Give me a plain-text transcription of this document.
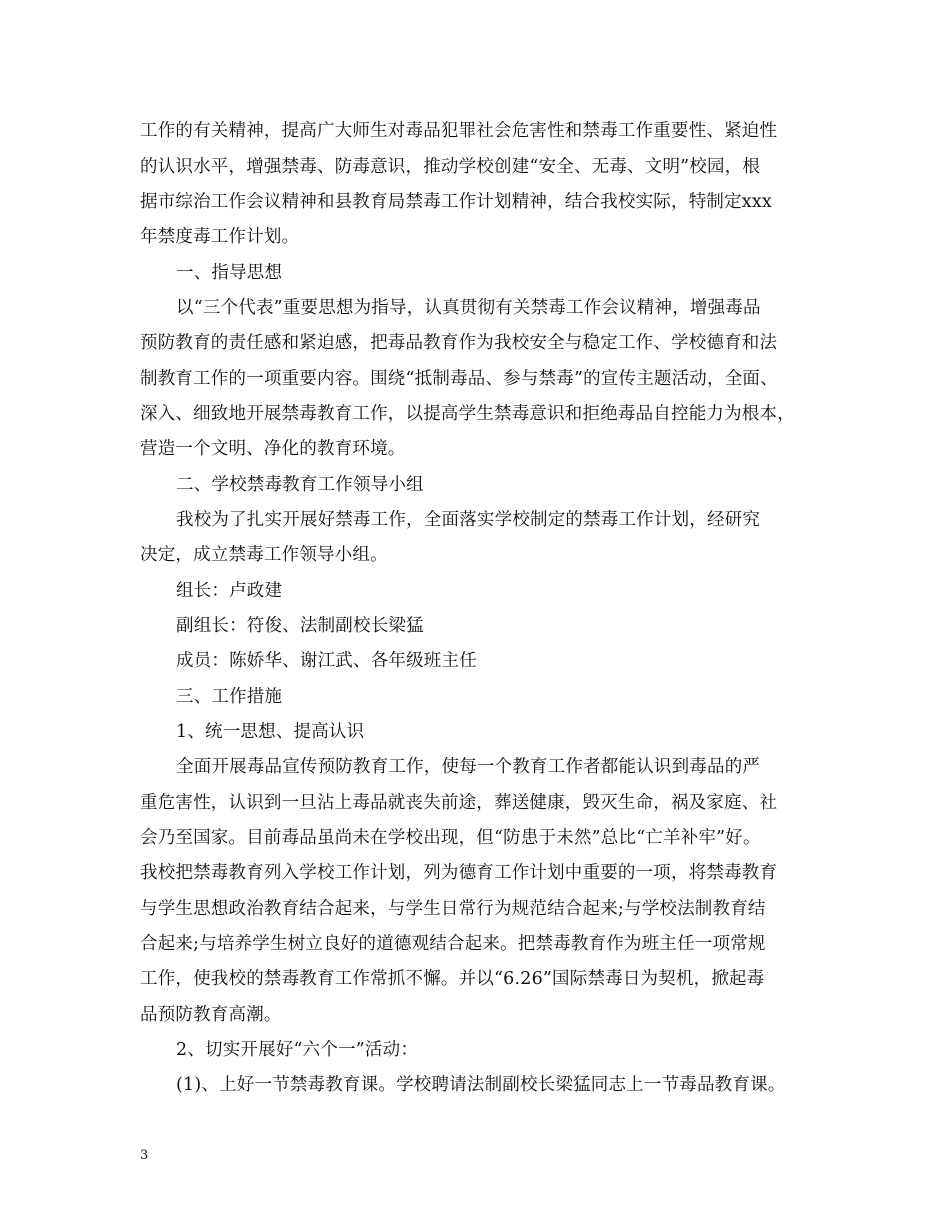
工作的有关精神，提高广大师生对毒品犯罪社会危害性和禁毒工作重要性、紧迫性
的认识水平，增强禁毒、防毒意识，推动学校创建“安全、无毒、文明”校园，根
据市综治工作会议精神和县教育局禁毒工作计划精神，结合我校实际，特制定xxx
年禁度毒工作计划。
一、指导思想
以“三个代表”重要思想为指导，认真贯彻有关禁毒工作会议精神，增强毒品
预防教育的责任感和紧迫感，把毒品教育作为我校安全与稳定工作、学校德育和法
制教育工作的一项重要内容。围绕“抵制毒品、参与禁毒”的宣传主题活动，全面、
深入、细致地开展禁毒教育工作，以提高学生禁毒意识和拒绝毒品自控能力为根本，
营造一个文明、净化的教育环境。
二、学校禁毒教育工作领导小组
我校为了扎实开展好禁毒工作，全面落实学校制定的禁毒工作计划，经研究
决定，成立禁毒工作领导小组。
组长：卢政建
副组长：符俊、法制副校长梁猛
成员：陈娇华、谢江武、各年级班主任
三、工作措施
1、统一思想、提高认识
全面开展毒品宣传预防教育工作，使每一个教育工作者都能认识到毒品的严
重危害性，认识到一旦沾上毒品就丧失前途，葬送健康，毁灭生命，祸及家庭、社
会乃至国家。目前毒品虽尚未在学校出现，但“防患于未然”总比“亡羊补牢”好。
我校把禁毒教育列入学校工作计划，列为德育工作计划中重要的一项，将禁毒教育
与学生思想政治教育结合起来，与学生日常行为规范结合起来;与学校法制教育结
合起来;与培养学生树立良好的道德观结合起来。把禁毒教育作为班主任一项常规
工作，使我校的禁毒教育工作常抓不懈。并以“6.26”国际禁毒日为契机，掀起毒
品预防教育高潮。
2、切实开展好“六个一”活动：
(1)、上好一节禁毒教育课。学校聘请法制副校长梁猛同志上一节毒品教育课。
3
